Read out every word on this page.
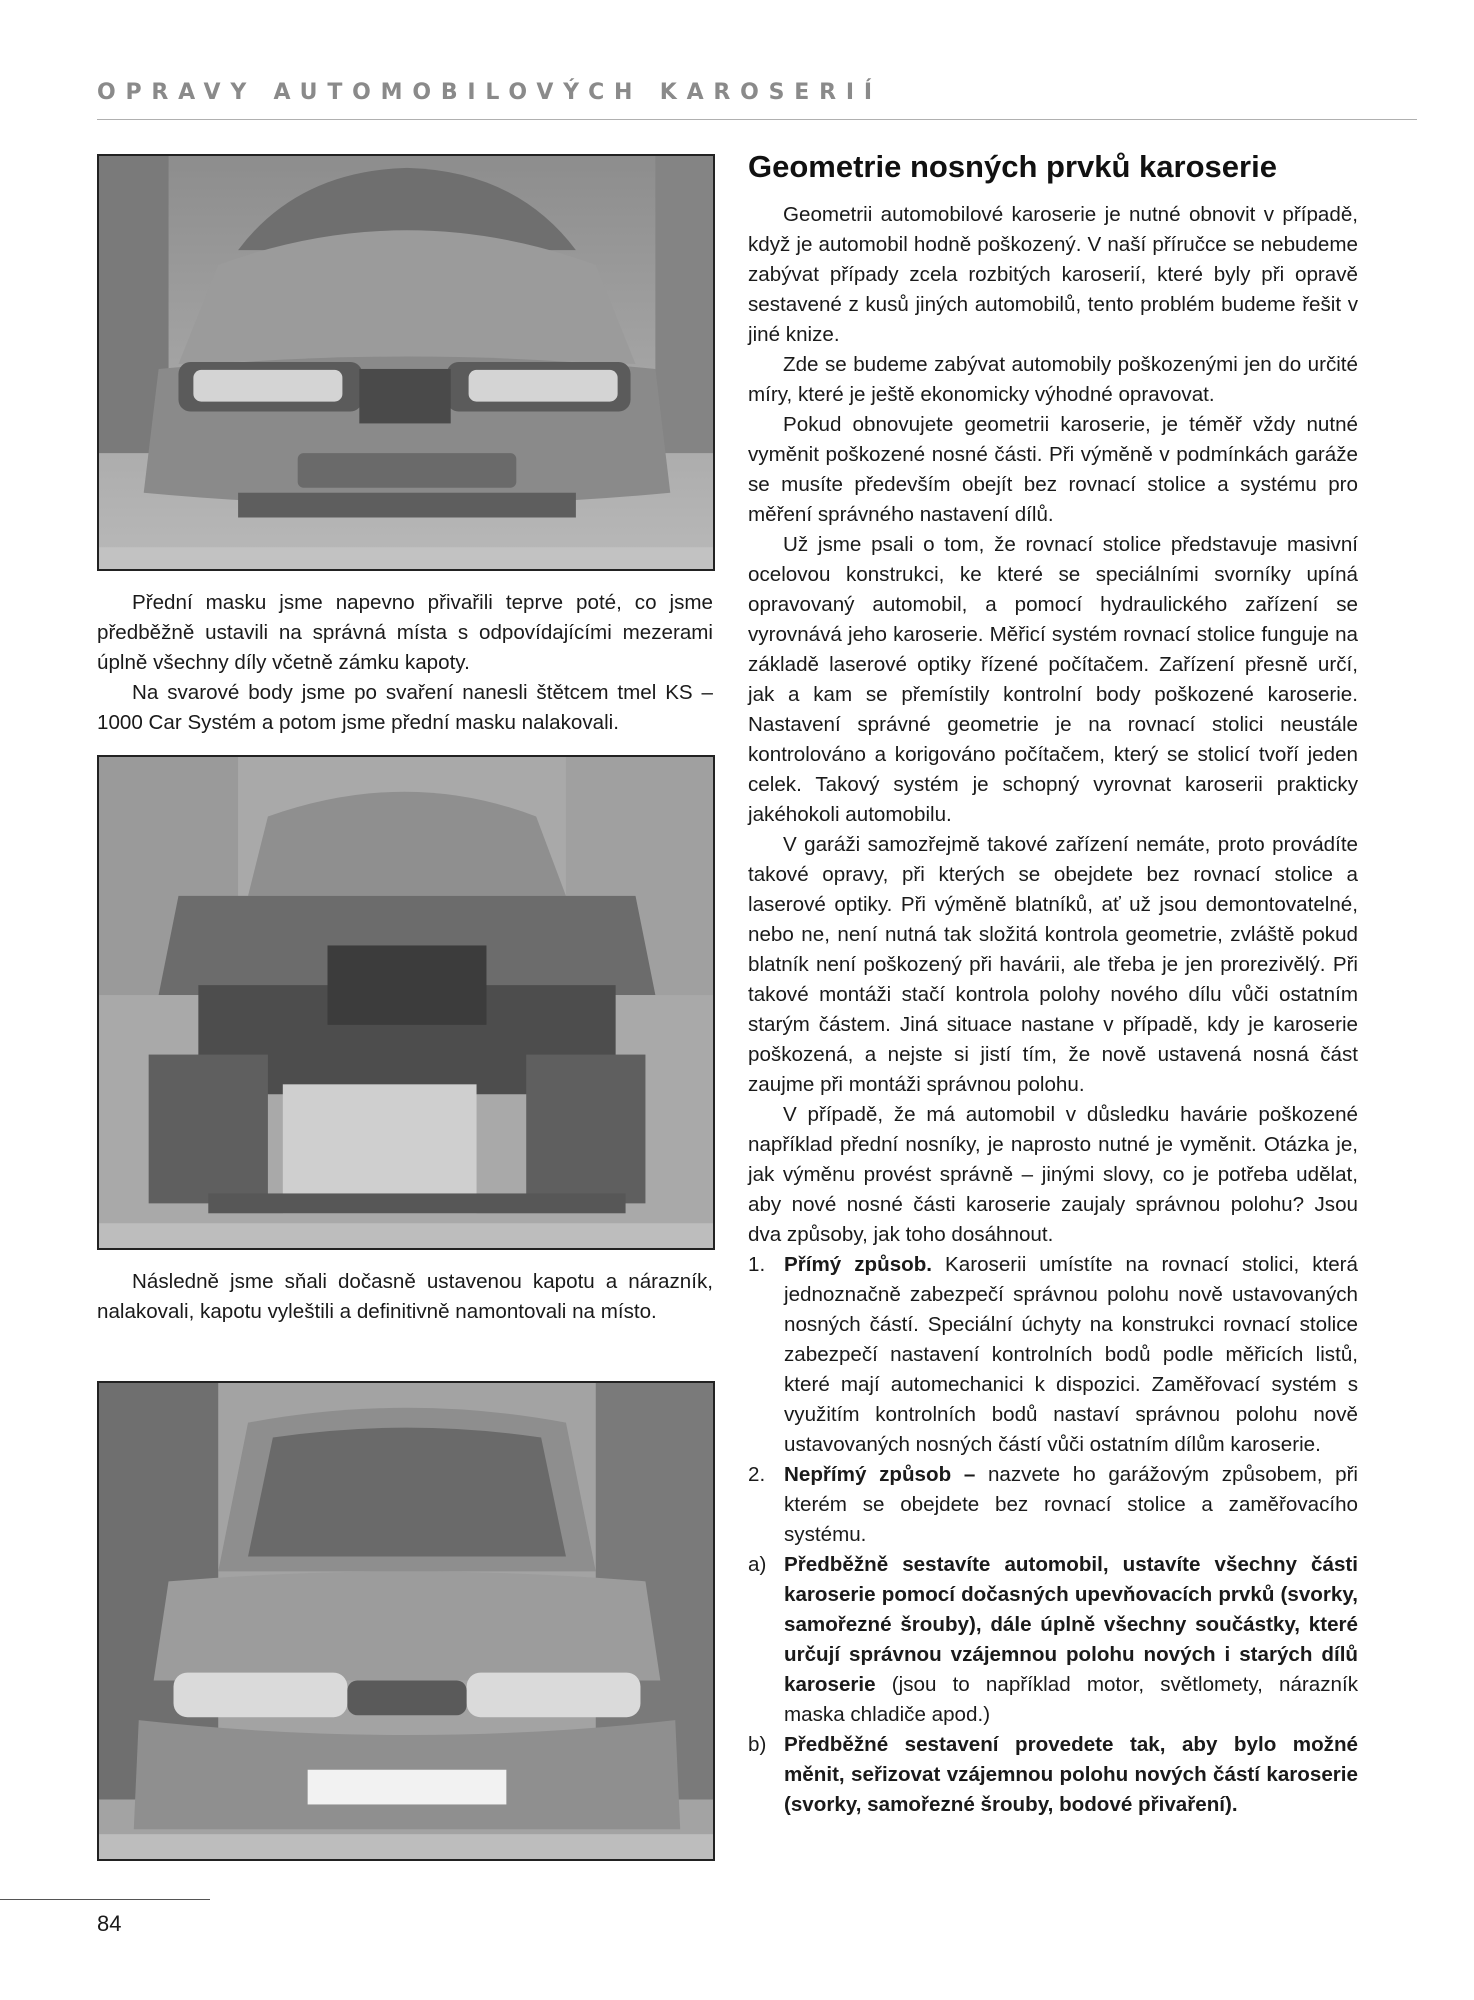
OPRAVY AUTOMOBILOVÝCH KAROSERIÍ

Přední masku jsme napevno přivařili teprve poté, co jsme předběžně ustavili na správná místa s odpovídajícími mezerami úplně všechny díly včetně zámku kapoty.

Na svarové body jsme po svaření nanesli štětcem tmel KS – 1000 Car Systém a potom jsme přední masku nalakovali.

Následně jsme sňali dočasně ustavenou kapotu a nárazník, nalakovali, kapotu vyleštili a definitivně namontovali na místo.

Geometrie nosných prvků karoserie

Geometrii automobilové karoserie je nutné obnovit v případě, když je automobil hodně poškozený. V naší příručce se nebudeme zabývat případy zcela rozbitých karoserií, které byly při opravě sestavené z kusů jiných automobilů, tento problém budeme řešit v jiné knize.

Zde se budeme zabývat automobily poškozenými jen do určité míry, které je ještě ekonomicky výhodné opravovat.

Pokud obnovujete geometrii karoserie, je téměř vždy nutné vyměnit poškozené nosné části. Při výměně v podmínkách garáže se musíte především obejít bez rovnací stolice a systému pro měření správného nastavení dílů.

Už jsme psali o tom, že rovnací stolice představuje masivní ocelovou konstrukci, ke které se speciálními svorníky upíná opravovaný automobil, a pomocí hydraulického zařízení se vyrovnává jeho karoserie. Měřicí systém rovnací stolice funguje na základě laserové optiky řízené počítačem. Zařízení přesně určí, jak a kam se přemístily kontrolní body poškozené karoserie. Nastavení správné geometrie je na rovnací stolici neustále kontrolováno a korigováno počítačem, který se stolicí tvoří jeden celek. Takový systém je schopný vyrovnat karoserii prakticky jakéhokoli automobilu.

V garáži samozřejmě takové zařízení nemáte, proto provádíte takové opravy, při kterých se obejdete bez rovnací stolice a laserové optiky. Při výměně blatníků, ať už jsou demontovatelné, nebo ne, není nutná tak složitá kontrola geometrie, zvláště pokud blatník není poškozený při havárii, ale třeba je jen prorezivělý. Při takové montáži stačí kontrola polohy nového dílu vůči ostatním starým částem. Jiná situace nastane v případě, kdy je karoserie poškozená, a nejste si jistí tím, že nově ustavená nosná část zaujme při montáži správnou polohu.

V případě, že má automobil v důsledku havárie poškozené například přední nosníky, je naprosto nutné je vyměnit. Otázka je, jak výměnu provést správně – jinými slovy, co je potřeba udělat, aby nové nosné části karoserie zaujaly správnou polohu? Jsou dva způsoby, jak toho dosáhnout.

1. Přímý způsob. Karoserii umístíte na rovnací stolici, která jednoznačně zabezpečí správnou polohu nově ustavovaných nosných částí. Speciální úchyty na konstrukci rovnací stolice zabezpečí nastavení kontrolních bodů podle měřicích listů, které mají automechanici k dispozici. Zaměřovací systém s využitím kontrolních bodů nastaví správnou polohu nově ustavovaných nosných částí vůči ostatním dílům karoserie.
2. Nepřímý způsob – nazvete ho garážovým způsobem, při kterém se obejdete bez rovnací stolice a zaměřovacího systému.
a) Předběžně sestavíte automobil, ustavíte všechny části karoserie pomocí dočasných upevňovacích prvků (svorky, samořezné šrouby), dále úplně všechny součástky, které určují správnou vzájemnou polohu nových i starých dílů karoserie (jsou to například motor, světlomety, nárazník maska chladiče apod.)
b) Předběžné sestavení provedete tak, aby bylo možné měnit, seřizovat vzájemnou polohu nových částí karoserie (svorky, samořezné šrouby, bodové přivaření).
84
